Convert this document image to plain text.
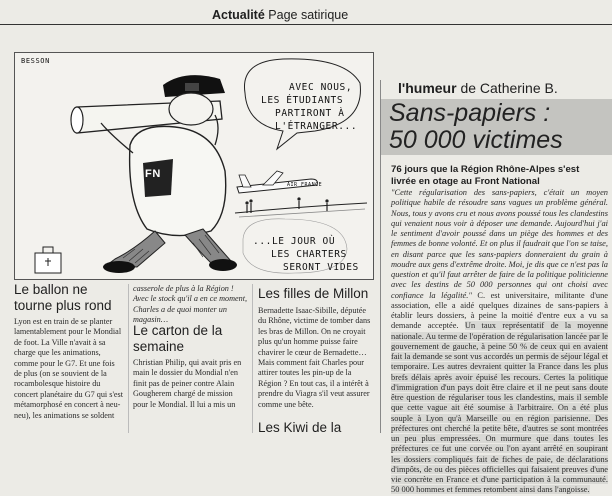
Actualité Page satirique
BESSON
AVEC NOUS,
LES ÉTUDIANTS
PARTIRONT À
L'ÉTRANGER...
FN
AIR FRANCE
...LE JOUR OÙ
LES CHARTERS
SERONT VIDES
Le ballon ne tourne plus rond
Lyon est en train de se planter lamentablement pour le Mondial de foot. La Ville n'avait à sa charge que les animations, comme pour le G7. Et une fois de plus (on se souvient de la rocambolesque histoire du concert planétaire du G7 qui s'est métamorphosé en concert à neu-neu), les animations se soldent
casserole de plus à la Région ! Avec le stock qu'il a en ce moment, Charles a de quoi monter un magasin…
Le carton de la semaine
Christian Philip, qui avait pris en main le dossier du Mondial n'en finit pas de peiner contre Alain Gougherem chargé de mission pour le Mondial. Il lui a mis un
Les filles de Millon
Bernadette Isaac-Sibille, députée du Rhône, victime de tomber dans les bras de Millon. On ne croyait plus qu'un homme puisse faire chavirer le cœur de Bernadette… Mais comment fait Charles pour attirer toutes les pin-up de la Région ? En tout cas, il a intérêt à prendre du Viagra s'il veut assurer comme une bête.
Les Kiwi de la
l'humeur de Catherine B.
Sans-papiers :
50 000 victimes
76 jours que la Région Rhône-Alpes s'est livrée en otage au Front National
"Cette régularisation des sans-papiers, c'était un moyen politique habile de résoudre sans vagues un problème général. Nous, tous y avons cru et nous avons poussé tous les clandestins qui venaient nous voir à déposer une demande. Aujourd'hui j'ai le sentiment d'avoir poussé dans un piège des hommes et des femmes de bonne volonté. Et on plus il faudrait que l'on se taise, en disant parce que les sans-papiers donneraient du grain à moudre aux gens d'extrême droite. Moi, je dis que ce n'est pas la question et qu'il faut arrêter de faire de la politique politicienne avec les destins de 50 000 personnes qui ont choisi avec confiance la légalité." C. est universitaire, militante d'une association, elle a aidé quelques dizaines de sans-papiers à établir leurs dossiers, à peine la moitié d'entre eux a vu sa demande acceptée. Un taux représentatif de la moyenne nationale. Au terme de l'opération de régularisation lancée par le gouvernement de gauche, à peine 50 % de ceux qui en avaient fait la demande se sont vus accordés un permis de séjour légal et temporaire. Les autres devraient quitter la France dans les plus brefs délais après avoir épuisé les recours. Certes la politique d'immigration d'un pays doit être claire et il ne peut sans doute être question de régulariser tous les clandestins, mais il semble que cette vague ait été soumise à l'arbitraire. On a été plus souple à Lyon qu'à Marseille ou en région parisienne. Des préfectures ont cherché la petite bête, d'autres se sont montrées un peu plus empressées. On murmure que dans toutes les préfectures ce fut une corvée ou l'on ayant arrêté en soupirant les dossiers compliqués fait de fiches de paie, de déclarations d'impôts, de ou des pièces officielles qui faisaient preuves d'une vie concrète en France et d'une participation à la communauté. 50 000 hommes et femmes retombent ainsi dans l'angoisse.
